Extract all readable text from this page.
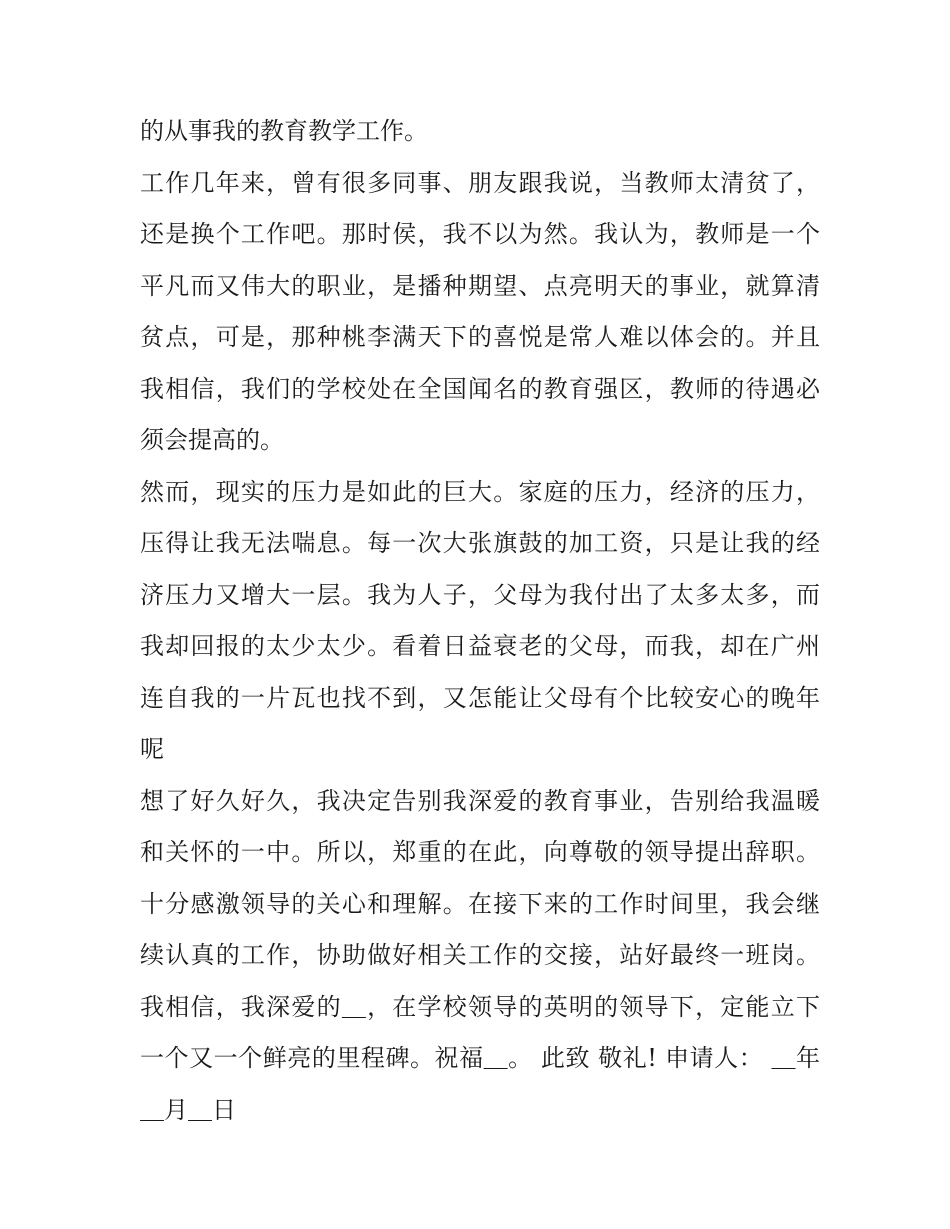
的从事我的教育教学工作。
工作几年来，曾有很多同事、朋友跟我说，当教师太清贫了，
还是换个工作吧。那时侯，我不以为然。我认为，教师是一个
平凡而又伟大的职业，是播种期望、点亮明天的事业，就算清
贫点，可是，那种桃李满天下的喜悦是常人难以体会的。并且
我相信，我们的学校处在全国闻名的教育强区，教师的待遇必
须会提高的。
然而，现实的压力是如此的巨大。家庭的压力，经济的压力，
压得让我无法喘息。每一次大张旗鼓的加工资，只是让我的经
济压力又增大一层。我为人子，父母为我付出了太多太多，而
我却回报的太少太少。看着日益衰老的父母，而我，却在广州
连自我的一片瓦也找不到，又怎能让父母有个比较安心的晚年
呢
想了好久好久，我决定告别我深爱的教育事业，告别给我温暖
和关怀的一中。所以，郑重的在此，向尊敬的领导提出辞职。
十分感激领导的关心和理解。在接下来的工作时间里，我会继
续认真的工作，协助做好相关工作的交接，站好最终一班岗。
我相信，我深爱的＿，在学校领导的英明的领导下，定能立下
一个又一个鲜亮的里程碑。祝福＿。 此致 敬礼! 申请人： ＿年
＿月＿日
